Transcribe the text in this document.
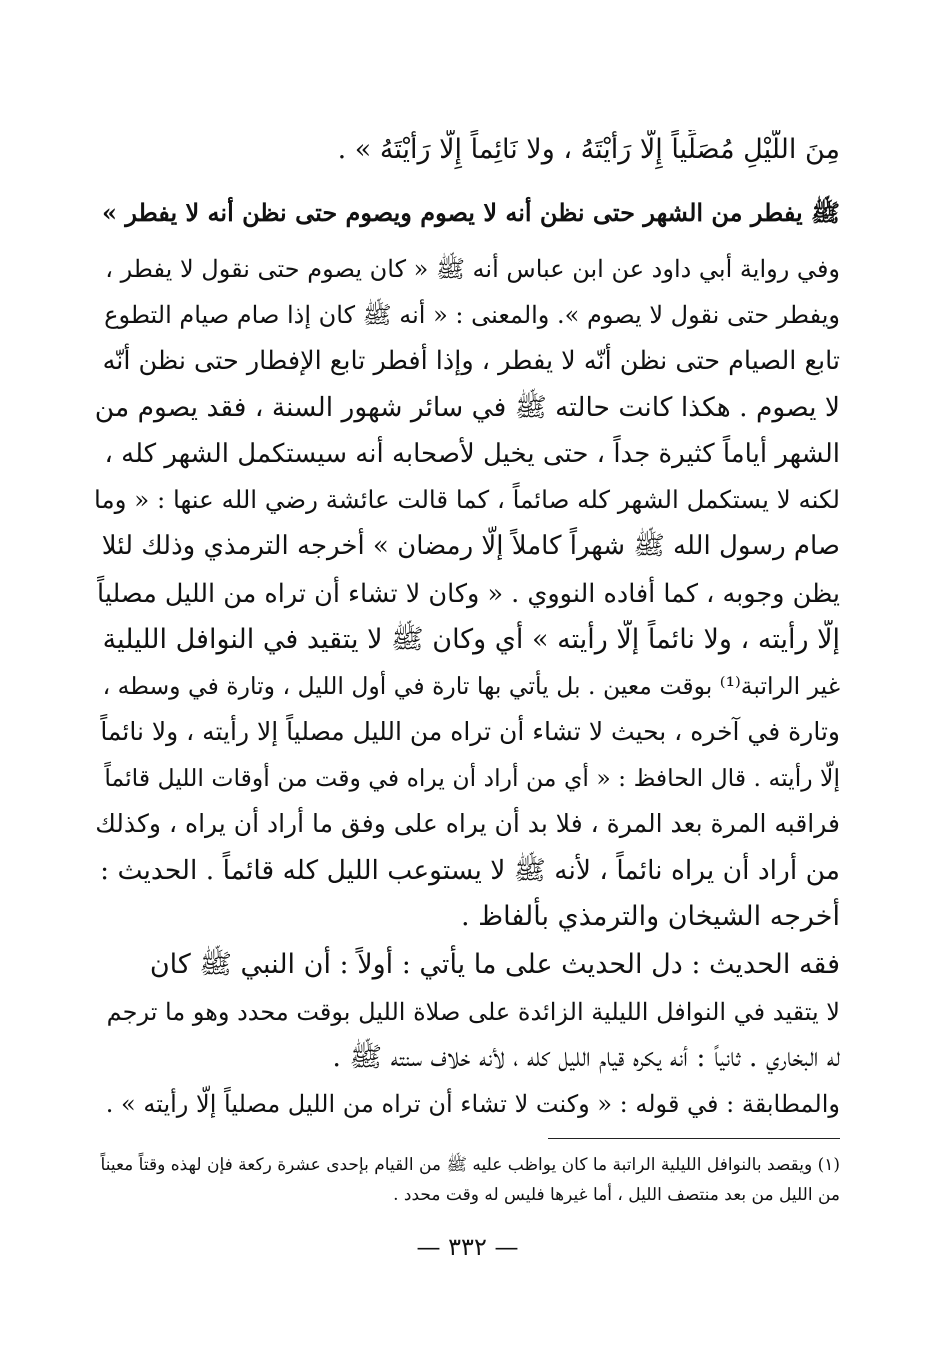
مِنَ اللَّيْلِ مُصَلِّياً إِلَّا رَأَيْتَهُ ، ولا نَائِماً إِلَّا رَأَيْتَهُ » .
ﷺ يفطر من الشهر حتى نظن أنه لا يصوم ويصوم حتى نظن أنه لا يفطر »
وفي رواية أبي داود عن ابن عباس أنه ﷺ « كان يصوم حتى نقول لا يفطر ،
ويفطر حتى نقول لا يصوم ». والمعنى : « أنه ﷺ كان إذا صام صيام التطوع
تابع الصيام حتى نظن أنّه لا يفطر ، وإذا أفطر تابع الإفطار حتى نظن أنّه
لا يصوم . هكذا كانت حالته ﷺ في سائر شهور السنة ، فقد يصوم من
الشهر أياماً كثيرة جداً ، حتى يخيل لأصحابه أنه سيستكمل الشهر كله ،
لكنه لا يستكمل الشهر كله صائماً ، كما قالت عائشة رضي الله عنها : « وما
صام رسول الله ﷺ شهراً كاملاً إلّا رمضان » أخرجه الترمذي وذلك لئلا
يظن وجوبه ، كما أفاده النووي . « وكان لا تشاء أن تراه من الليل مصلياً
إلّا رأيته ، ولا نائماً إلّا رأيته » أي وكان ﷺ لا يتقيد في النوافل الليلية
غير الراتبة⁽¹⁾ بوقت معين . بل يأتي بها تارة في أول الليل ، وتارة في وسطه ،
وتارة في آخره ، بحيث لا تشاء أن تراه من الليل مصلياً إلا رأيته ، ولا نائماً
إلّا رأيته . قال الحافظ : « أي من أراد أن يراه في وقت من أوقات الليل قائماً
فراقبه المرة بعد المرة ، فلا بد أن يراه على وفق ما أراد أن يراه ، وكذلك
من أراد أن يراه نائماً ، لأنه ﷺ لا يستوعب الليل كله قائماً . الحديث :
أخرجه الشيخان والترمذي بألفاظ .
فقه الحديث : دل الحديث على ما يأتي : أولاً : أن النبي ﷺ كان
لا يتقيد في النوافل الليلية الزائدة على صلاة الليل بوقت محدد وهو ما ترجم
له البخاري . ثانياً : أنه يكره قيام الليل كله ، لأنه خلاف سنته ﷺ .
والمطابقة : في قوله : « وكنت لا تشاء أن تراه من الليل مصلياً إلّا رأيته » .
(١) ويقصد بالنوافل الليلية الراتبة ما كان يواظب عليه ﷺ من القيام بإحدى عشرة ركعة فإن لهذه وقتاً معيناً
من الليل من بعد منتصف الليل ، أما غيرها فليس له وقت محدد .
— ٣٣٢ —
